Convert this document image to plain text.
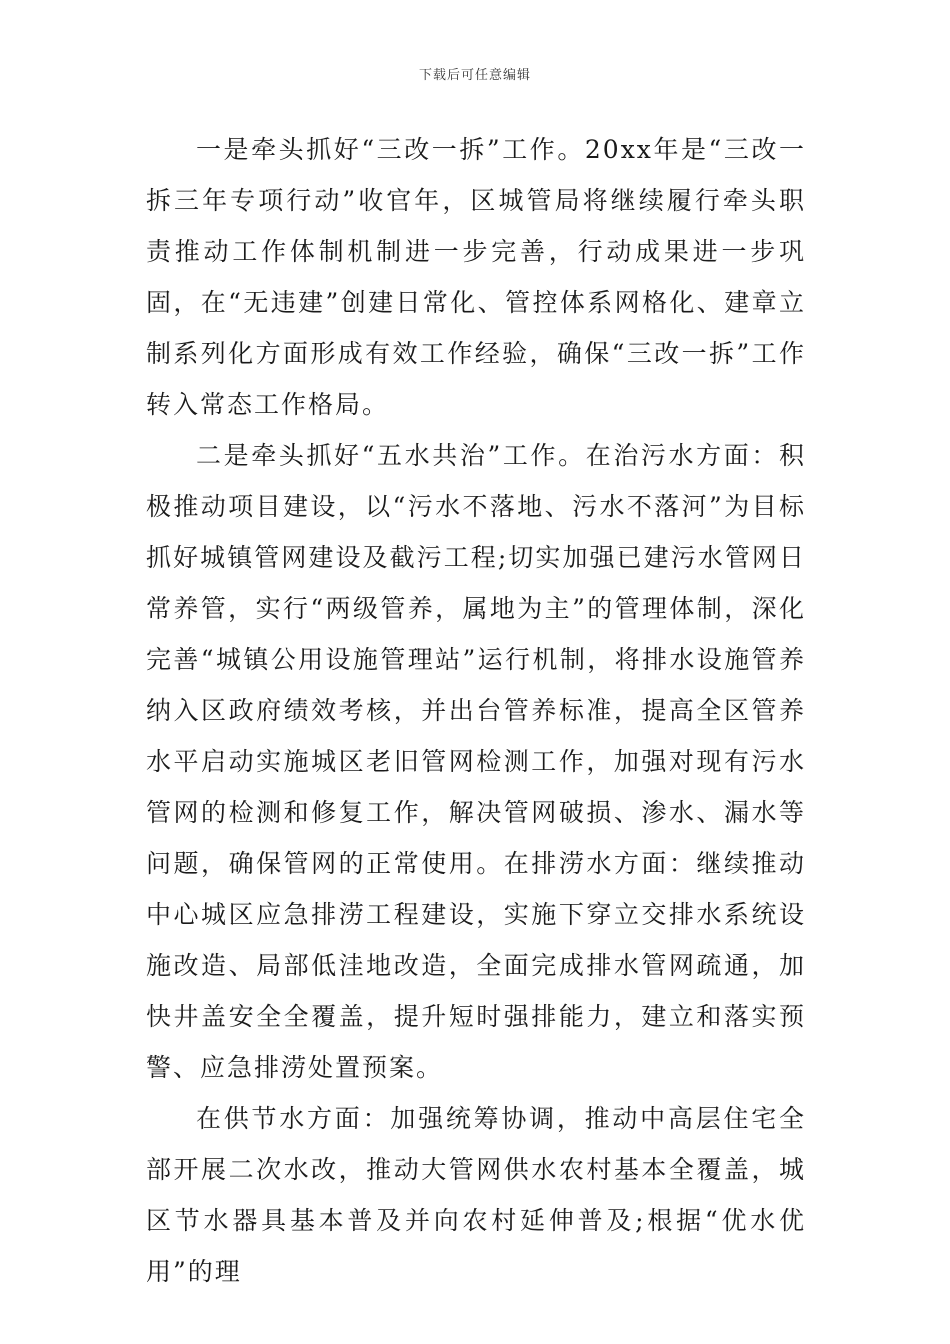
下载后可任意编辑

一是牵头抓好“三改一拆”工作。20xx年是“三改一拆三年专项行动”收官年，区城管局将继续履行牵头职责推动工作体制机制进一步完善，行动成果进一步巩固，在“无违建”创建日常化、管控体系网格化、建章立制系列化方面形成有效工作经验，确保“三改一拆”工作转入常态工作格局。

二是牵头抓好“五水共治”工作。在治污水方面：积极推动项目建设，以“污水不落地、污水不落河”为目标抓好城镇管网建设及截污工程;切实加强已建污水管网日常养管，实行“两级管养，属地为主”的管理体制，深化完善“城镇公用设施管理站”运行机制，将排水设施管养纳入区政府绩效考核，并出台管养标准，提高全区管养水平启动实施城区老旧管网检测工作，加强对现有污水管网的检测和修复工作，解决管网破损、渗水、漏水等问题，确保管网的正常使用。在排涝水方面：继续推动中心城区应急排涝工程建设，实施下穿立交排水系统设施改造、局部低洼地改造，全面完成排水管网疏通，加快井盖安全全覆盖，提升短时强排能力，建立和落实预警、应急排涝处置预案。

在供节水方面：加强统筹协调，推动中高层住宅全部开展二次水改，推动大管网供水农村基本全覆盖，城区节水器具基本普及并向农村延伸普及;根据“优水优用”的理
